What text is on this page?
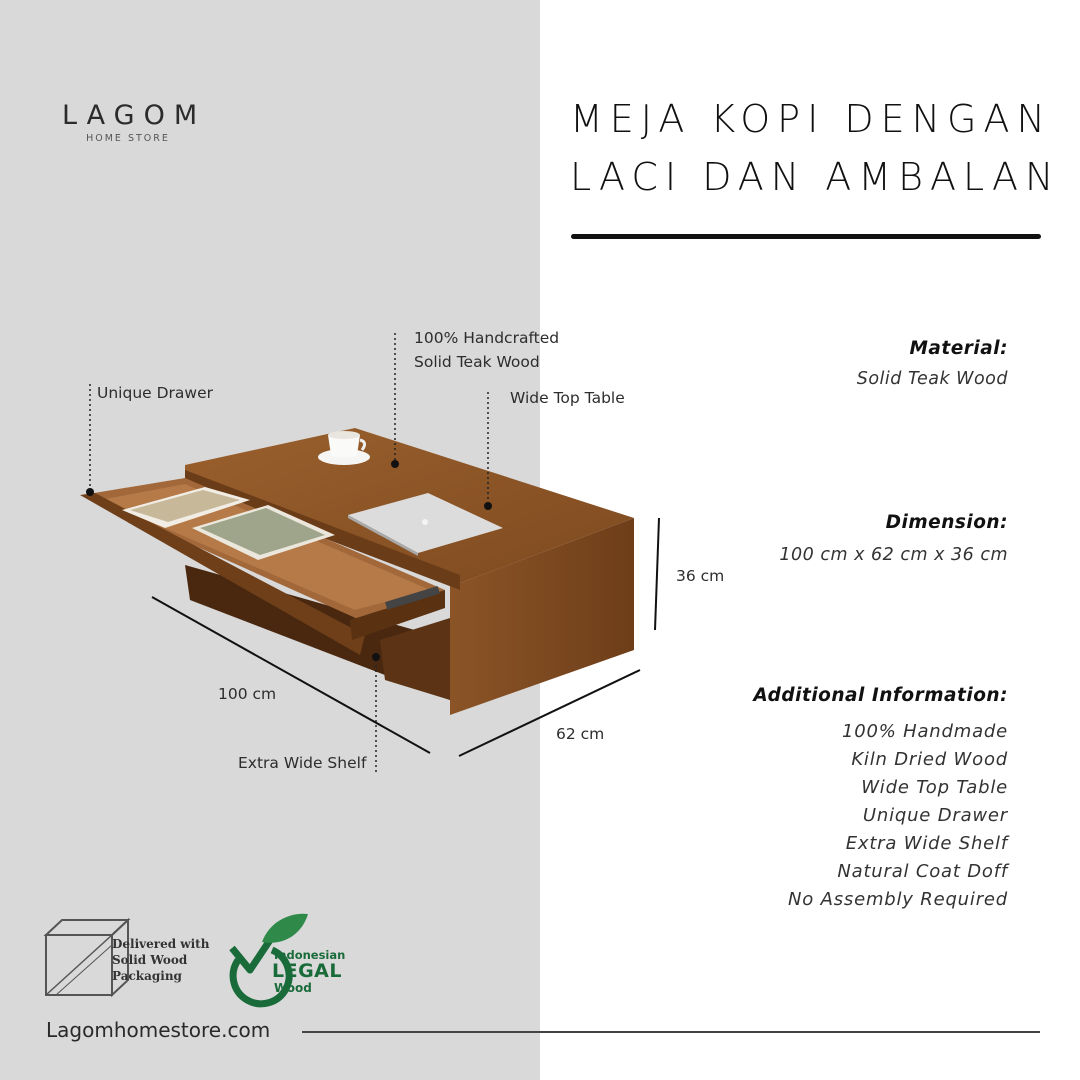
LAGOM
HOME STORE	MEJA KOPI DENGAN
LACI DAN AMBALAN
100% Handcrafted
Solid Teak Wood
Unique Drawer	Wide Top Table
36 cm
100 cm
62 cm
Extra Wide Shelf
Material:
Solid Teak Wood
Dimension:
100 cm x 62 cm x 36 cm
Additional Information:
100% Handmade
Kiln Dried Wood
Wide Top Table
Unique Drawer
Extra Wide Shelf
Natural Coat Doff
No Assembly Required
Delivered with
Solid Wood
Packaging
Indonesian
LEGAL
Wood
Lagomhomestore.com
